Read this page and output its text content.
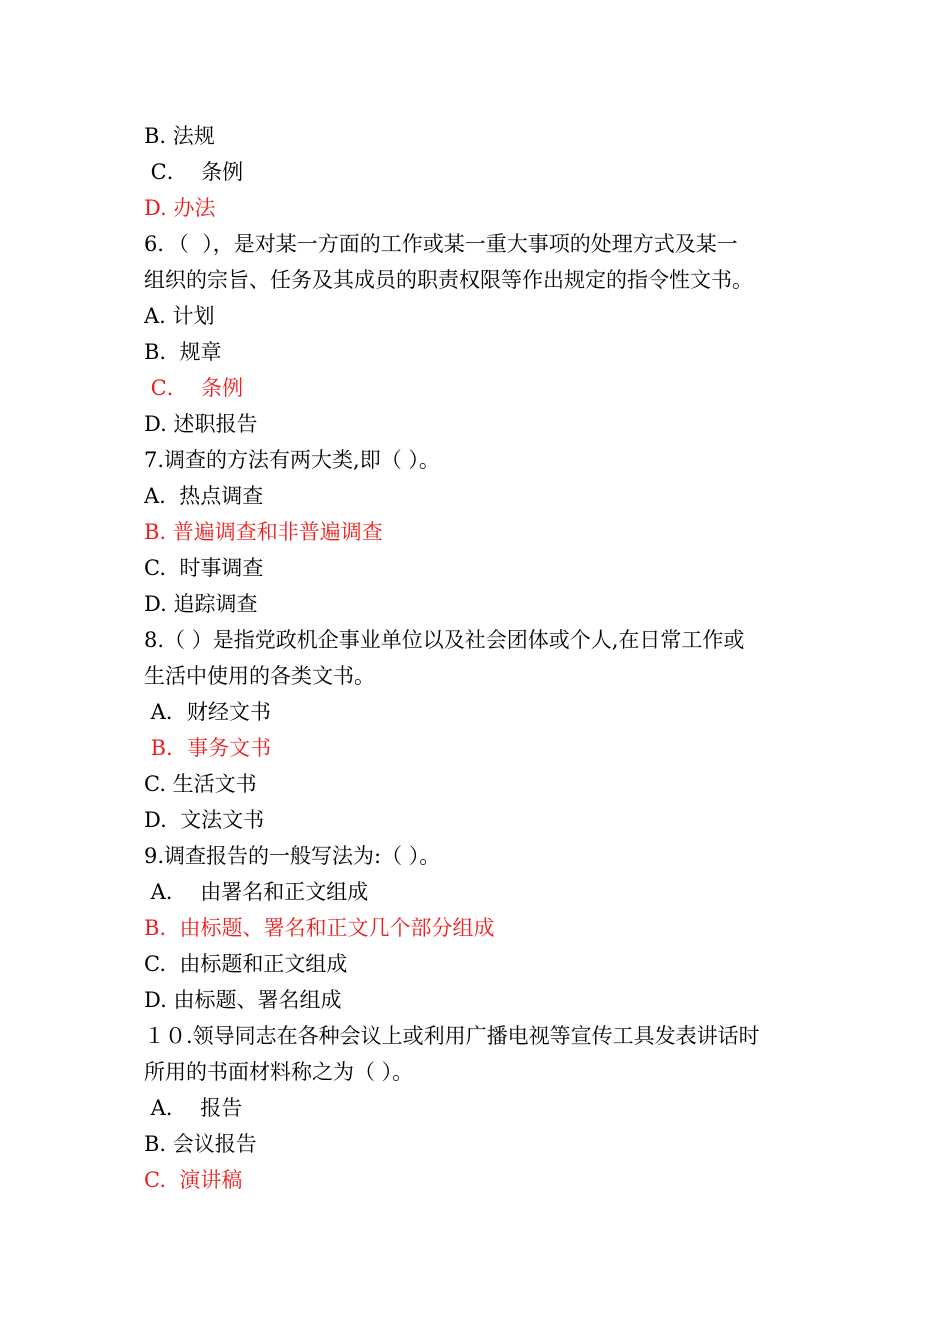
B. 法规
C．  条例
D. 办法
6．（  ），是对某一方面的工作或某一重大事项的处理方式及某一
组织的宗旨、任务及其成员的职责权限等作出规定的指令性文书。
A. 计划
B.  规章
C．  条例
D. 述职报告
7.调查的方法有两大类,即（ ）。
A.  热点调查
B. 普遍调查和非普遍调查
C.  时事调查
D. 追踪调查
8.（ ）是指党政机企事业单位以及社会团体或个人,在日常工作或
生活中使用的各类文书。
A．财经文书
B．事务文书
C. 生活文书
D.  文法文书
9.调查报告的一般写法为:（ ）。
A．  由署名和正文组成
B.  由标题、署名和正文几个部分组成
C.  由标题和正文组成
D. 由标题、署名组成
１０.领导同志在各种会议上或利用广播电视等宣传工具发表讲话时
所用的书面材料称之为（ ）。
A．  报告
B. 会议报告
C.  演讲稿
